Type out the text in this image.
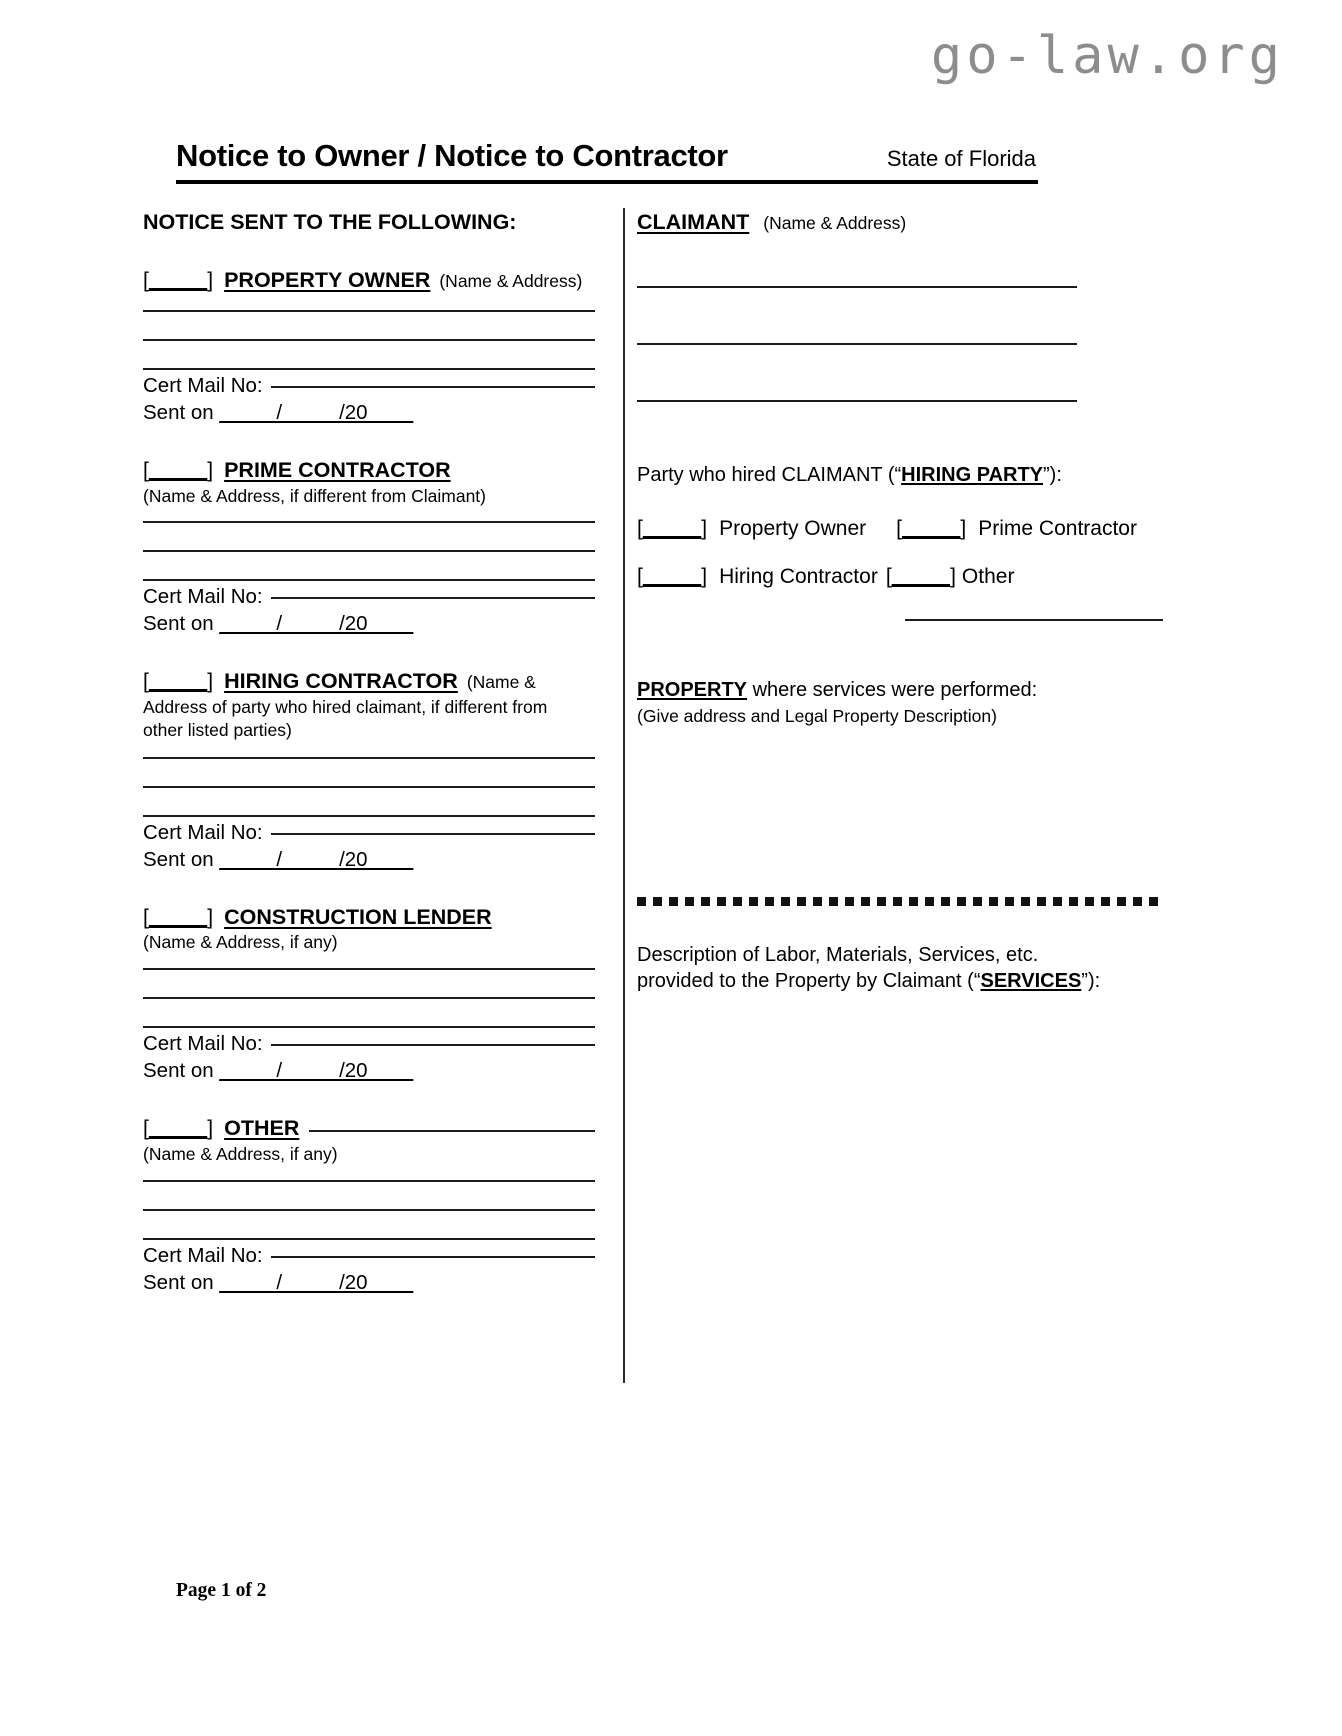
go-law.org
Notice to Owner / Notice to Contractor	State of Florida
NOTICE SENT TO THE FOLLOWING:
[_____] PROPERTY OWNER (Name & Address)
Cert Mail No:
Sent on _____/_____/20____
[_____] PRIME CONTRACTOR
(Name & Address, if different from Claimant)
Cert Mail No:
Sent on _____/_____/20____
[_____] HIRING CONTRACTOR (Name &
Address of party who hired claimant, if different from other listed parties)
Cert Mail No:
Sent on _____/_____/20____
[_____] CONSTRUCTION LENDER
(Name & Address, if any)
Cert Mail No:
Sent on _____/_____/20____
[_____] OTHER
(Name & Address, if any)
Cert Mail No:
Sent on _____/_____/20____
CLAIMANT (Name & Address)
Party who hired CLAIMANT (“HIRING PARTY”):
[_____] Property Owner [_____] Prime Contractor
[_____] Hiring Contractor [_____] Other
PROPERTY where services were performed:
(Give address and Legal Property Description)
Description of Labor, Materials, Services, etc.
provided to the Property by Claimant (“SERVICES”):
Page 1 of 2
